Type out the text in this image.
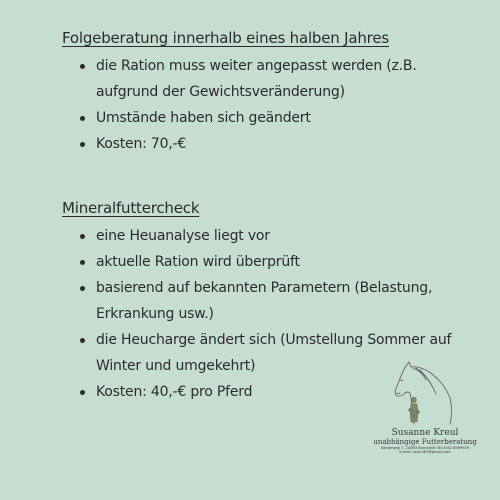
Folgeberatung innerhalb eines halben Jahres
die Ration muss weiter angepasst werden (z.B. aufgrund der Gewichtsveränderung)
Umstände haben sich geändert
Kosten: 70,-€
Mineralfuttercheck
eine Heuanalyse liegt vor
aktuelle Ration wird überprüft
basierend auf bekannten Parametern (Belastung, Erkrankung usw.)
die Heucharge ändert sich (Umstellung Sommer auf Winter und umgekehrt)
Kosten: 40,-€ pro Pferd
Susanne Kreul
unabhängige Futterberatung
Kämerweg 7, 24093 Bornstedt Tel.0162 8969929
e-mail: skreul87@gmail.com
